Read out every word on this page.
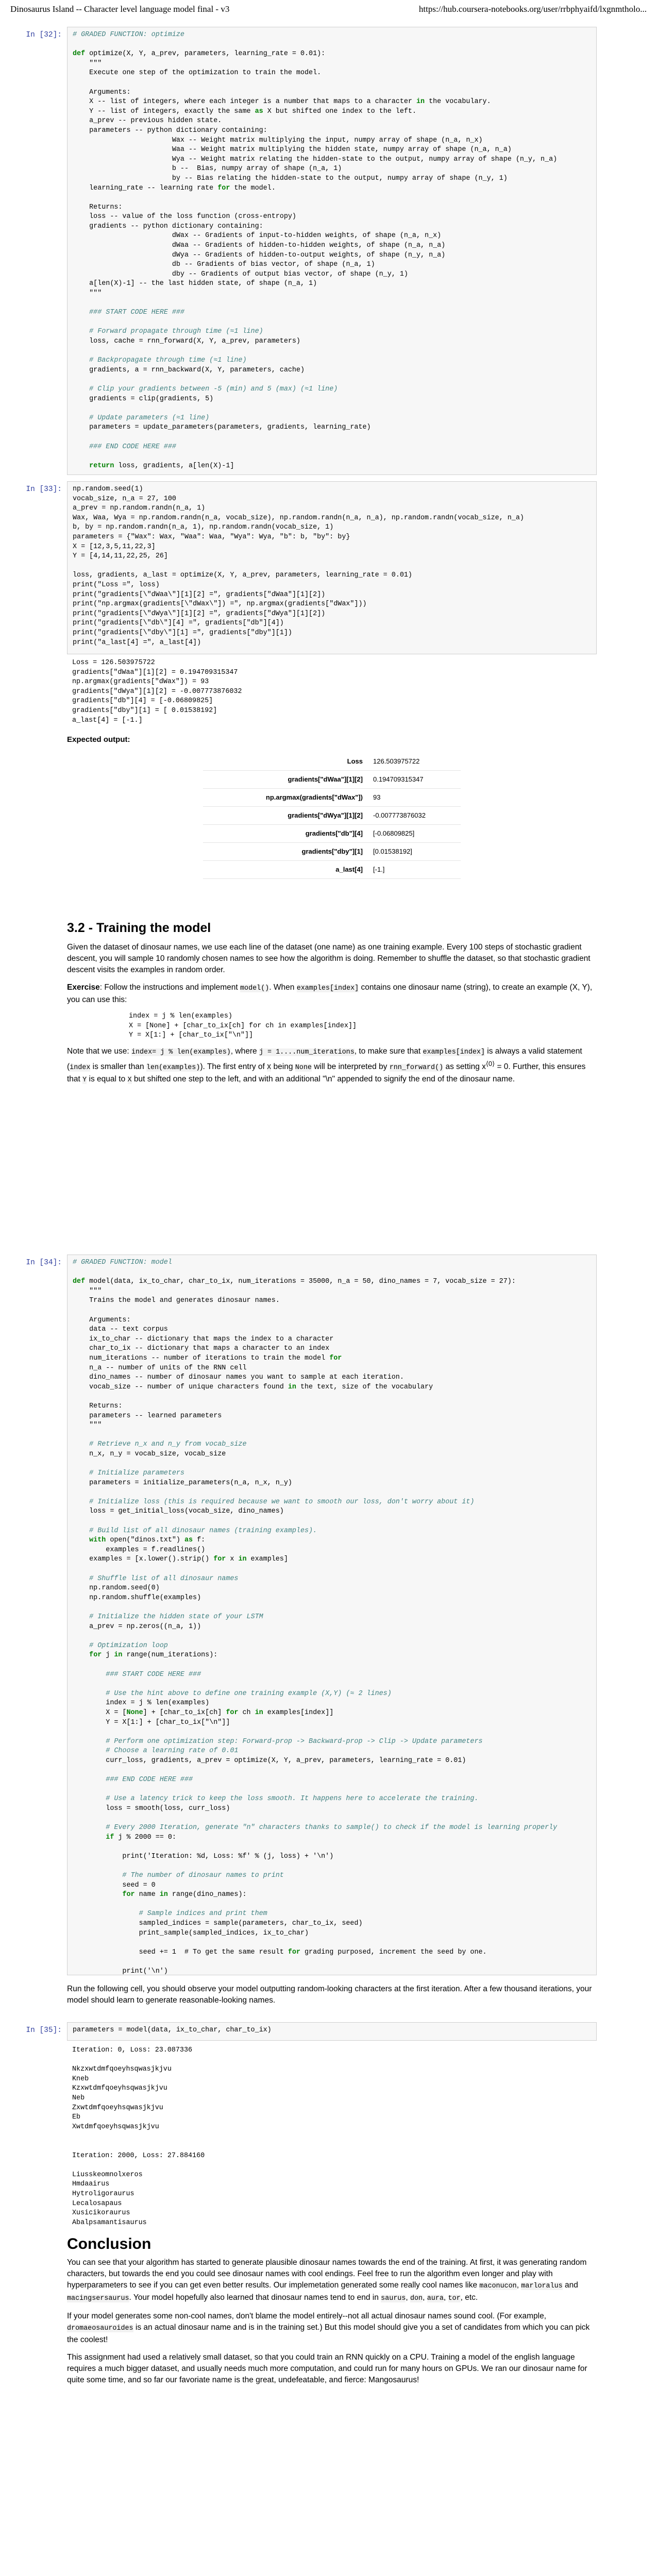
Dinosaurus Island -- Character level language model final - v3	https://hub.coursera-notebooks.org/user/rrbphyaifd/lxgnmtholo...
In [32]: # GRADED FUNCTION: optimize

def optimize(X, Y, a_prev, parameters, learning_rate = 0.01):
"""
Execute one step of the optimization to train the model.

Arguments:
X -- list of integers, where each integer is a number that maps to a character in the vocabulary.
Y -- list of integers, exactly the same as X but shifted one index to the left.
a_prev -- previous hidden state.
parameters -- python dictionary containing:
Wax -- Weight matrix multiplying the input, numpy array of shape (n_a, n_x)
Waa -- Weight matrix multiplying the hidden state, numpy array of shape (n_a, n_a)
Wya -- Weight matrix relating the hidden-state to the output, numpy array of shape (n_y, n_a)
b --  Bias, numpy array of shape (n_a, 1)
by -- Bias relating the hidden-state to the output, numpy array of shape (n_y, 1)
learning_rate -- learning rate for the model.

Returns:
loss -- value of the loss function (cross-entropy)
gradients -- python dictionary containing:
dWax -- Gradients of input-to-hidden weights, of shape (n_a, n_x)
dWaa -- Gradients of hidden-to-hidden weights, of shape (n_a, n_a)
dWya -- Gradients of hidden-to-output weights, of shape (n_y, n_a)
db -- Gradients of bias vector, of shape (n_a, 1)
dby -- Gradients of output bias vector, of shape (n_y, 1)
a[len(X)-1] -- the last hidden state, of shape (n_a, 1)
"""

### START CODE HERE ###

# Forward propagate through time (≈1 line)
loss, cache = rnn_forward(X, Y, a_prev, parameters)

# Backpropagate through time (≈1 line)
gradients, a = rnn_backward(X, Y, parameters, cache)

# Clip your gradients between -5 (min) and 5 (max) (≈1 line)
gradients = clip(gradients, 5)

# Update parameters (≈1 line)
parameters = update_parameters(parameters, gradients, learning_rate)

### END CODE HERE ###

return loss, gradients, a[len(X)-1]
In [33]: np.random.seed(1)
vocab_size, n_a = 27, 100
a_prev = np.random.randn(n_a, 1)
Wax, Waa, Wya = np.random.randn(n_a, vocab_size), np.random.randn(n_a, n_a), np.random.randn(vocab_size, n_a)
b, by = np.random.randn(n_a, 1), np.random.randn(vocab_size, 1)
parameters = {"Wax": Wax, "Waa": Waa, "Wya": Wya, "b": b, "by": by}
X = [12,3,5,11,22,3]
Y = [4,14,11,22,25, 26]

loss, gradients, a_last = optimize(X, Y, a_prev, parameters, learning_rate = 0.01)
print("Loss =", loss)
print("gradients[\"dWaa\"][1][2] =", gradients["dWaa"][1][2])
print("np.argmax(gradients[\"dWax\"]) =", np.argmax(gradients["dWax"]))
print("gradients[\"dWya\"][1][2] =", gradients["dWya"][1][2])
print("gradients[\"db\"][4] =", gradients["db"][4])
print("gradients[\"dby\"][1] =", gradients["dby"][1])
print("a_last[4] =", a_last[4])
Loss = 126.503975722
gradients["dWaa"][1][2] = 0.194709315347
np.argmax(gradients["dWax"]) = 93
gradients["dWya"][1][2] = -0.007773876032
gradients["db"][4] = [-0.06809825]
gradients["dby"][1] = [ 0.01538192]
a_last[4] = [-1.]
Expected output:
Loss	126.503975722
gradients["dWaa"][1][2]	0.194709315347
np.argmax(gradients["dWax"])	93
gradients["dWya"][1][2]	-0.007773876032
gradients["db"][4]	[-0.06809825]
gradients["dby"][1]	[0.01538192]
a_last[4]	[-1.]
3.2 - Training the model

Given the dataset of dinosaur names, we use each line of the dataset (one name) as one training example. Every 100 steps of stochastic gradient descent, you will sample 10 randomly chosen names to see how the algorithm is doing. Remember to shuffle the dataset, so that stochastic gradient descent visits the examples in random order.

Exercise: Follow the instructions and implement model(). When examples[index] contains one dinosaur name (string), to create an example (X, Y), you can use this:

index = j % len(examples)
X = [None] + [char_to_ix[ch] for ch in examples[index]]
Y = X[1:] + [char_to_ix["\n"]]

Note that we use: index= j % len(examples), where j = 1....num_iterations, to make sure that examples[index] is always a valid statement (index is smaller than len(examples)). The first entry of X being None will be interpreted by rnn_forward() as setting $x^{⟨0⟩} = 0$. Further, this ensures that Y is equal to X but shifted one step to the left, and with an additional "\n" appended to signify the end of the dinosaur name.

In [34]: # GRADED FUNCTION: model

def model(data, ix_to_char, char_to_ix, num_iterations = 35000, n_a = 50, dino_names = 7, vocab_size = 27):
"""
Trains the model and generates dinosaur names.

Arguments:
data -- text corpus
ix_to_char -- dictionary that maps the index to a character
char_to_ix -- dictionary that maps a character to an index
num_iterations -- number of iterations to train the model for
n_a -- number of units of the RNN cell
dino_names -- number of dinosaur names you want to sample at each iteration.
vocab_size -- number of unique characters found in the text, size of the vocabulary

Returns:
parameters -- learned parameters
"""

# Retrieve n_x and n_y from vocab_size
n_x, n_y = vocab_size, vocab_size

# Initialize parameters
parameters = initialize_parameters(n_a, n_x, n_y)

# Initialize loss (this is required because we want to smooth our loss, don't worry about it)
loss = get_initial_loss(vocab_size, dino_names)

# Build list of all dinosaur names (training examples).
with open("dinos.txt") as f:
examples = f.readlines()
examples = [x.lower().strip() for x in examples]

# Shuffle list of all dinosaur names
np.random.seed(0)
np.random.shuffle(examples)

# Initialize the hidden state of your LSTM
a_prev = np.zeros((n_a, 1))

# Optimization loop
for j in range(num_iterations):

### START CODE HERE ###

# Use the hint above to define one training example (X,Y) (≈ 2 lines)
index = j % len(examples)
X = [None] + [char_to_ix[ch] for ch in examples[index]]
Y = X[1:] + [char_to_ix["\n"]]

# Perform one optimization step: Forward-prop -> Backward-prop -> Clip -> Update parameters
# Choose a learning rate of 0.01
curr_loss, gradients, a_prev = optimize(X, Y, a_prev, parameters, learning_rate = 0.01)

### END CODE HERE ###

# Use a latency trick to keep the loss smooth. It happens here to accelerate the training.
loss = smooth(loss, curr_loss)

# Every 2000 Iteration, generate "n" characters thanks to sample() to check if the model is learning properly
if j % 2000 == 0:

print('Iteration: %d, Loss: %f' % (j, loss) + '\n')

# The number of dinosaur names to print
seed = 0
for name in range(dino_names):

# Sample indices and print them
sampled_indices = sample(parameters, char_to_ix, seed)
print_sample(sampled_indices, ix_to_char)

seed += 1  # To get the same result for grading purposed, increment the seed by one.

print('\n')

Run the following cell, you should observe your model outputting random-looking characters at the first iteration. After a few thousand iterations, your model should learn to generate reasonable-looking names.

In [35]: parameters = model(data, ix_to_char, char_to_ix)
Iteration: 0, Loss: 23.087336

Nkzxwtdmfqoeyhsqwasjkjvu
Kneb
Kzxwtdmfqoeyhsqwasjkjvu
Neb
Zxwtdmfqoeyhsqwasjkjvu
Eb
Xwtdmfqoeyhsqwasjkjvu

Iteration: 2000, Loss: 27.884160

Liusskeomnolxeros
Hmdaairus
Hytroligoraurus
Lecalosapaus
Xusicikoraurus
Abalpsamantisaurus
Conclusion

You can see that your algorithm has started to generate plausible dinosaur names towards the end of the training. At first, it was generating random characters, but towards the end you could see dinosaur names with cool endings. Feel free to run the algorithm even longer and play with hyperparameters to see if you can get even better results. Our implemetation generated some really cool names like maconucon, marloralus and macingsersaurus. Your model hopefully also learned that dinosaur names tend to end in saurus, don, aura, tor, etc.

If your model generates some non-cool names, don't blame the model entirely--not all actual dinosaur names sound cool. (For example, dromaeosauroides is an actual dinosaur name and is in the training set.) But this model should give you a set of candidates from which you can pick the coolest!

This assignment had used a relatively small dataset, so that you could train an RNN quickly on a CPU. Training a model of the english language requires a much bigger dataset, and usually needs much more computation, and could run for many hours on GPUs. We ran our dinosaur name for quite some time, and so far our favoriate name is the great, undefeatable, and fierce: Mangosaurus!
